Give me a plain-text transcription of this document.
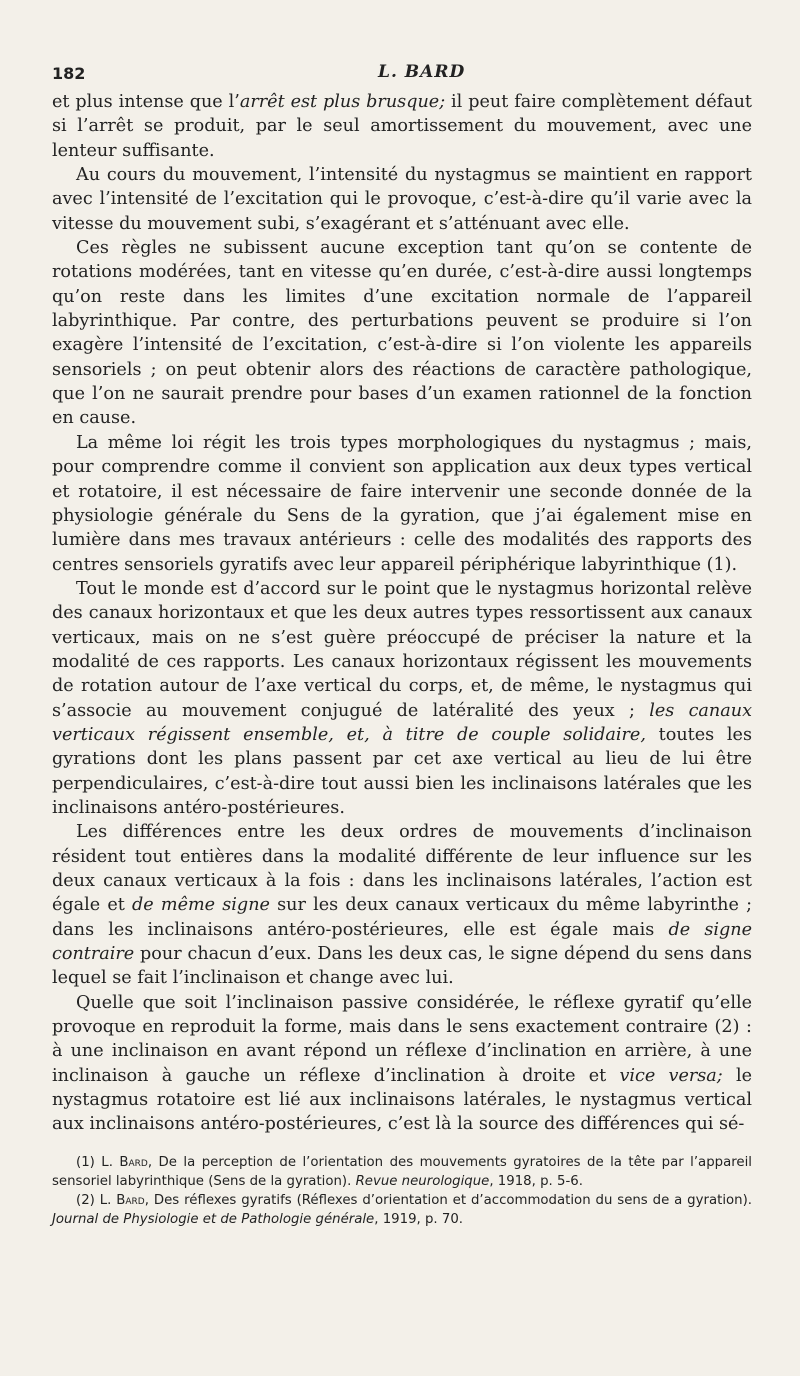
182	L. BARD

et plus intense que l’arrêt est plus brusque; il peut faire complètement défaut si l’arrêt se produit, par le seul amortissement du mouvement, avec une lenteur suffisante.

Au cours du mouvement, l’intensité du nystagmus se maintient en rapport avec l’intensité de l’excitation qui le provoque, c’est-à-dire qu’il varie avec la vitesse du mouvement subi, s’exagérant et s’atténuant avec elle.

Ces règles ne subissent aucune exception tant qu’on se contente de rotations modérées, tant en vitesse qu’en durée, c’est-à-dire aussi longtemps qu’on reste dans les limites d’une excitation normale de l’appareil labyrinthique. Par contre, des perturbations peuvent se produire si l’on exagère l’intensité de l’excitation, c’est-à-dire si l’on violente les appareils sensoriels ; on peut obtenir alors des réactions de caractère pathologique, que l’on ne saurait prendre pour bases d’un examen rationnel de la fonction en cause.

La même loi régit les trois types morphologiques du nystagmus ; mais, pour comprendre comme il convient son application aux deux types vertical et rotatoire, il est nécessaire de faire intervenir une seconde donnée de la physiologie générale du Sens de la gyration, que j’ai également mise en lumière dans mes travaux antérieurs : celle des modalités des rapports des centres sensoriels gyratifs avec leur appareil périphérique labyrinthique (1).

Tout le monde est d’accord sur le point que le nystagmus horizontal relève des canaux horizontaux et que les deux autres types ressortissent aux canaux verticaux, mais on ne s’est guère préoccupé de préciser la nature et la modalité de ces rapports. Les canaux horizontaux régissent les mouvements de rotation autour de l’axe vertical du corps, et, de même, le nystagmus qui s’associe au mouvement conjugué de latéralité des yeux ; les canaux verticaux régissent ensemble, et, à titre de couple solidaire, toutes les gyrations dont les plans passent par cet axe vertical au lieu de lui être perpendiculaires, c’est-à-dire tout aussi bien les inclinaisons latérales que les inclinaisons antéro-postérieures.

Les différences entre les deux ordres de mouvements d’inclinaison résident tout entières dans la modalité différente de leur influence sur les deux canaux verticaux à la fois : dans les inclinaisons latérales, l’action est égale et de même signe sur les deux canaux verticaux du même labyrinthe ; dans les inclinaisons antéro-postérieures, elle est égale mais de signe contraire pour chacun d’eux. Dans les deux cas, le signe dépend du sens dans lequel se fait l’inclinaison et change avec lui.

Quelle que soit l’inclinaison passive considérée, le réflexe gyratif qu’elle provoque en reproduit la forme, mais dans le sens exactement contraire (2) : à une inclinaison en avant répond un réflexe d’inclination en arrière, à une inclinaison à gauche un réflexe d’inclination à droite et vice versa; le nystagmus rotatoire est lié aux inclinaisons latérales, le nystagmus vertical aux inclinaisons antéro-postérieures, c’est là la source des différences qui sé-

(1) L. Bard, De la perception de l’orientation des mouvements gyratoires de la tête par l’appareil sensoriel labyrinthique (Sens de la gyration). Revue neurologique, 1918, p. 5-6.

(2) L. Bard, Des réflexes gyratifs (Réflexes d’orientation et d’accommodation du sens de a gyration). Journal de Physiologie et de Pathologie générale, 1919, p. 70.
